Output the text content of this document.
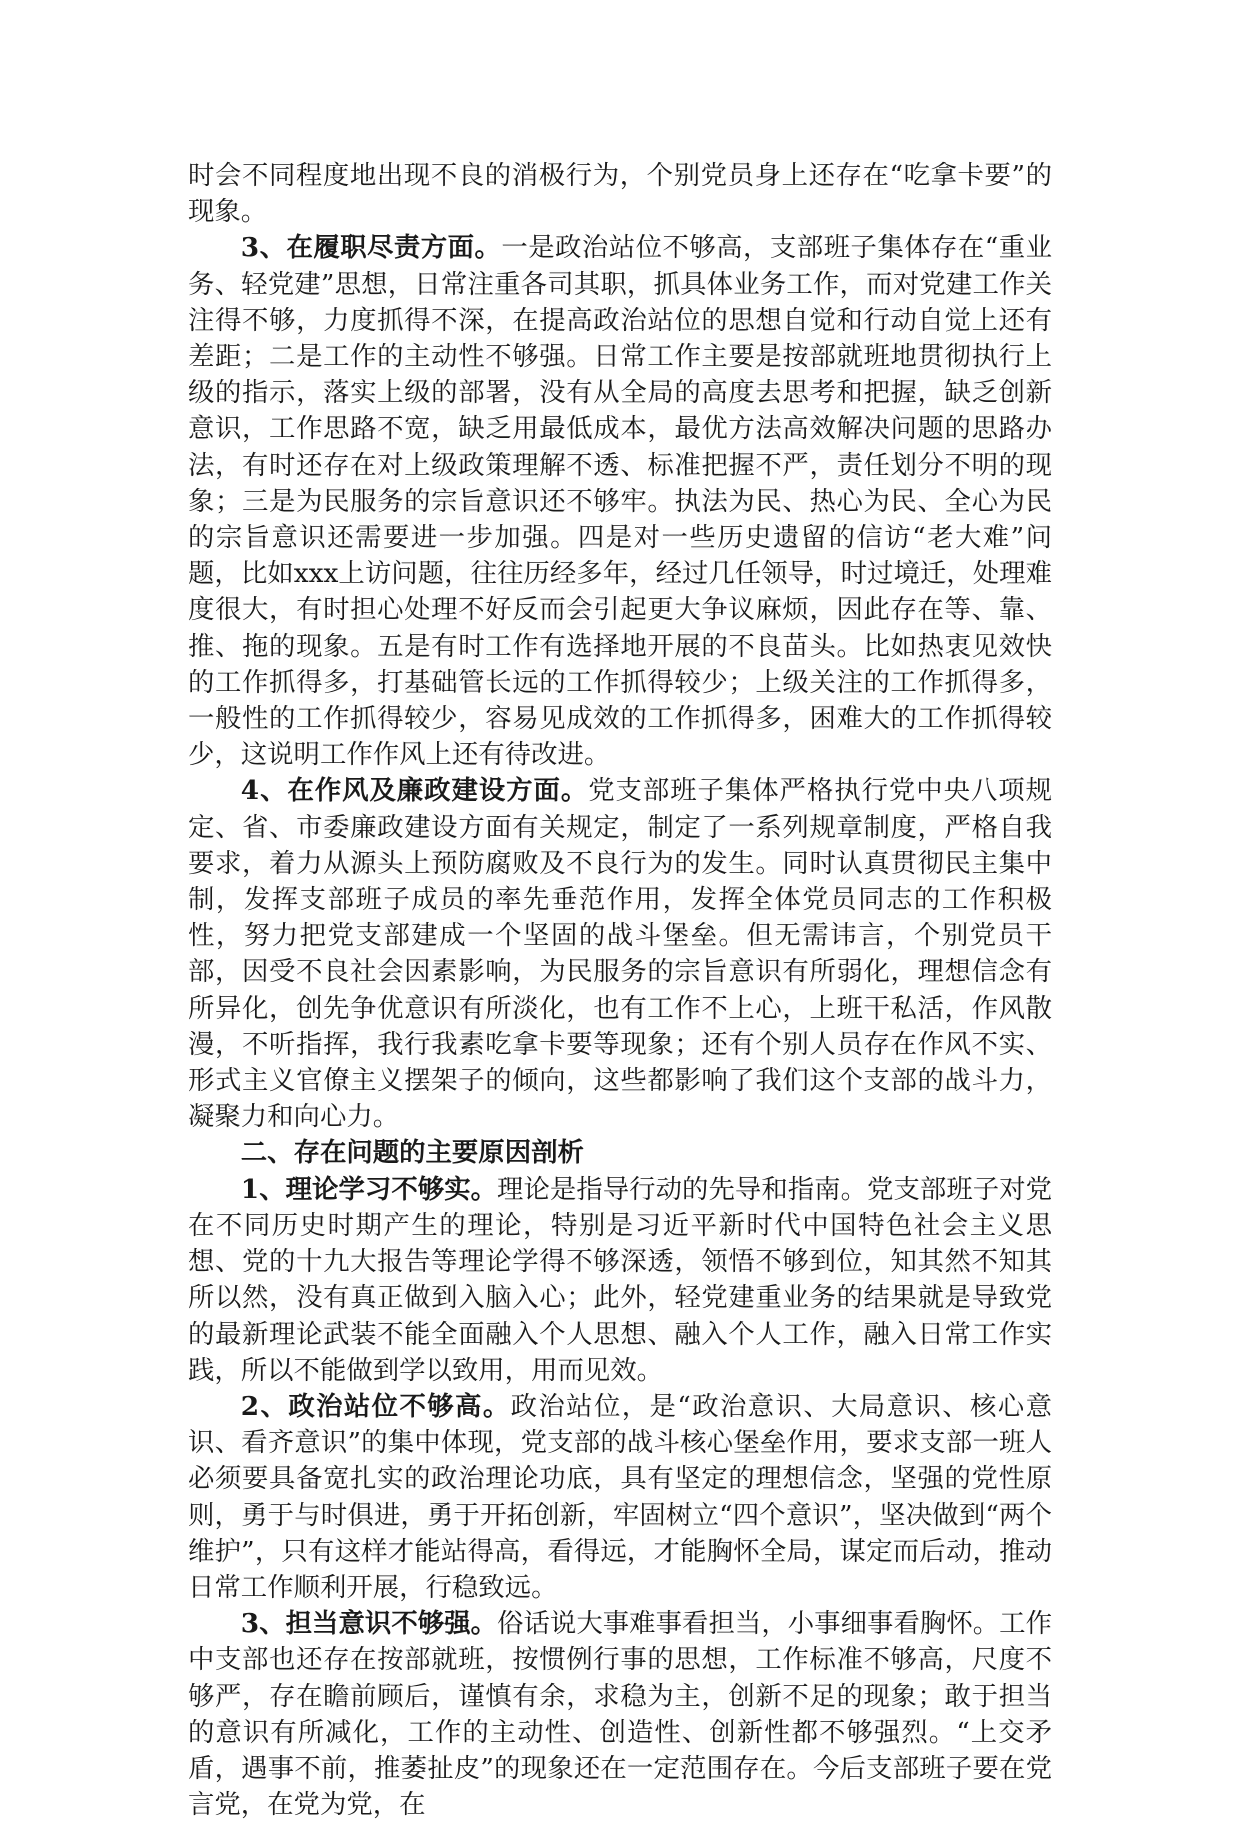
时会不同程度地出现不良的消极行为，个别党员身上还存在“吃拿卡要”的现象。

3、在履职尽责方面。一是政治站位不够高，支部班子集体存在“重业务、轻党建”思想，日常注重各司其职，抓具体业务工作，而对党建工作关注得不够，力度抓得不深，在提高政治站位的思想自觉和行动自觉上还有差距；二是工作的主动性不够强。日常工作主要是按部就班地贯彻执行上级的指示，落实上级的部署，没有从全局的高度去思考和把握，缺乏创新意识，工作思路不宽，缺乏用最低成本，最优方法高效解决问题的思路办法，有时还存在对上级政策理解不透、标准把握不严，责任划分不明的现象；三是为民服务的宗旨意识还不够牢。执法为民、热心为民、全心为民的宗旨意识还需要进一步加强。四是对一些历史遗留的信访“老大难”问题，比如xxx上访问题，往往历经多年，经过几任领导，时过境迁，处理难度很大，有时担心处理不好反而会引起更大争议麻烦，因此存在等、靠、推、拖的现象。五是有时工作有选择地开展的不良苗头。比如热衷见效快的工作抓得多，打基础管长远的工作抓得较少；上级关注的工作抓得多，一般性的工作抓得较少，容易见成效的工作抓得多，困难大的工作抓得较少，这说明工作作风上还有待改进。

4、在作风及廉政建设方面。党支部班子集体严格执行党中央八项规定、省、市委廉政建设方面有关规定，制定了一系列规章制度，严格自我要求，着力从源头上预防腐败及不良行为的发生。同时认真贯彻民主集中制，发挥支部班子成员的率先垂范作用，发挥全体党员同志的工作积极性，努力把党支部建成一个坚固的战斗堡垒。但无需讳言，个别党员干部，因受不良社会因素影响，为民服务的宗旨意识有所弱化，理想信念有所异化，创先争优意识有所淡化，也有工作不上心，上班干私活，作风散漫，不听指挥，我行我素吃拿卡要等现象；还有个别人员存在作风不实、形式主义官僚主义摆架子的倾向，这些都影响了我们这个支部的战斗力，凝聚力和向心力。

二、存在问题的主要原因剖析

1、理论学习不够实。理论是指导行动的先导和指南。党支部班子对党在不同历史时期产生的理论，特别是习近平新时代中国特色社会主义思想、党的十九大报告等理论学得不够深透，领悟不够到位，知其然不知其所以然，没有真正做到入脑入心；此外，轻党建重业务的结果就是导致党的最新理论武装不能全面融入个人思想、融入个人工作，融入日常工作实践，所以不能做到学以致用，用而见效。

2、政治站位不够高。政治站位，是“政治意识、大局意识、核心意识、看齐意识”的集中体现，党支部的战斗核心堡垒作用，要求支部一班人必须要具备宽扎实的政治理论功底，具有坚定的理想信念，坚强的党性原则，勇于与时俱进，勇于开拓创新，牢固树立“四个意识”，坚决做到“两个维护”，只有这样才能站得高，看得远，才能胸怀全局，谋定而后动，推动日常工作顺利开展，行稳致远。

3、担当意识不够强。俗话说大事难事看担当，小事细事看胸怀。工作中支部也还存在按部就班，按惯例行事的思想，工作标准不够高，尺度不够严，存在瞻前顾后，谨慎有余，求稳为主，创新不足的现象；敢于担当的意识有所减化，工作的主动性、创造性、创新性都不够强烈。“上交矛盾，遇事不前，推萎扯皮”的现象还在一定范围存在。今后支部班子要在党言党，在党为党，在
